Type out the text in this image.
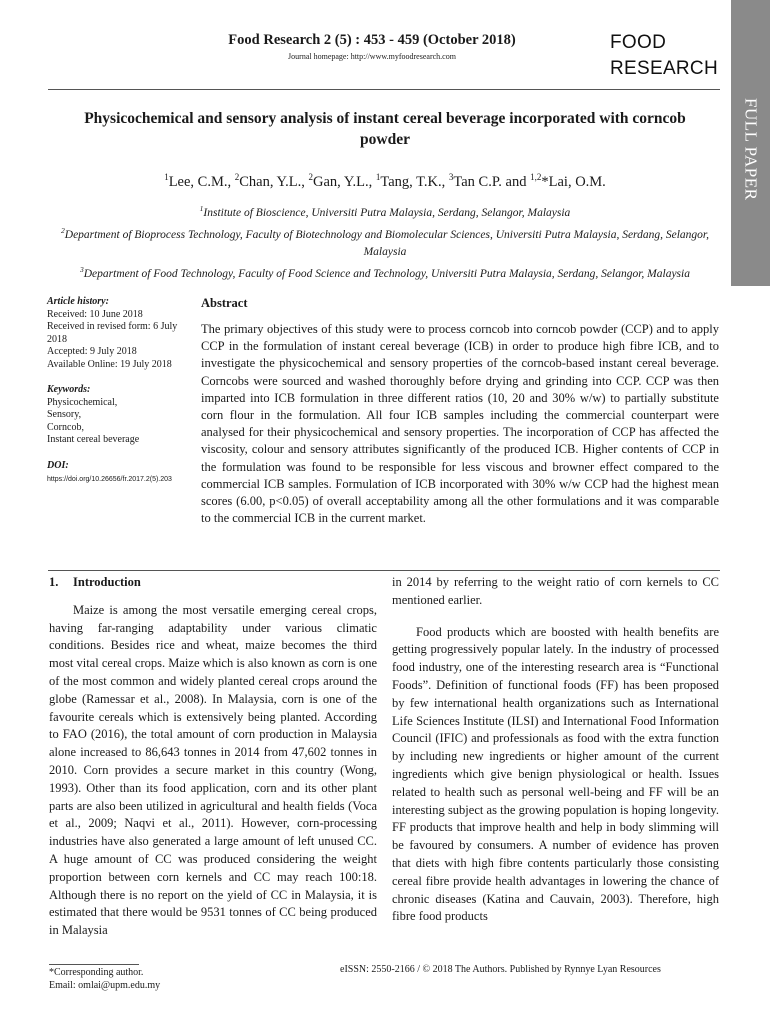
Food Research 2 (5) : 453 - 459 (October 2018)
Journal homepage: http://www.myfoodresearch.com
FOOD
RESEARCH
FULL PAPER
Physicochemical and sensory analysis of instant cereal beverage incorporated with corncob powder
$^1$Lee, C.M., $^2$Chan, Y.L., $^2$Gan, Y.L., $^1$Tang, T.K., $^3$Tan C.P. and $^{1,2}$*Lai, O.M.
$^1$Institute of Bioscience, Universiti Putra Malaysia, Serdang, Selangor, Malaysia
$^2$Department of Bioprocess Technology, Faculty of Biotechnology and Biomolecular Sciences, Universiti Putra Malaysia, Serdang, Selangor, Malaysia
$^3$Department of Food Technology, Faculty of Food Science and Technology, Universiti Putra Malaysia, Serdang, Selangor, Malaysia
Article history:
Received: 10 June 2018
Received in revised form: 6 July 2018
Accepted: 9 July 2018
Available Online: 19 July 2018
Keywords:
Physicochemical,
Sensory,
Corncob,
Instant cereal beverage
DOI:
https://doi.org/10.26656/fr.2017.2(5).203
Abstract
The primary objectives of this study were to process corncob into corncob powder (CCP) and to apply CCP in the formulation of instant cereal beverage (ICB) in order to produce high fibre ICB, and to investigate the physicochemical and sensory properties of the corncob-based instant cereal beverage. Corncobs were sourced and washed thoroughly before drying and grinding into CCP. CCP was then imparted into ICB formulation in three different ratios (10, 20 and 30% w/w) to partially substitute corn flour in the formulation. All four ICB samples including the commercial counterpart were analysed for their physicochemical and sensory properties. The incorporation of CCP has affected the viscosity, colour and sensory attributes significantly of the produced ICB. Higher contents of CCP in the formulation was found to be responsible for less viscous and browner effect compared to the commercial ICB samples. Formulation of ICB incorporated with 30% w/w CCP had the highest mean scores (6.00, p<0.05) of overall acceptability among all the other formulations and it was comparable to the commercial ICB in the current market.
1. Introduction

Maize is among the most versatile emerging cereal crops, having far-ranging adaptability under various climatic conditions. Besides rice and wheat, maize becomes the third most vital cereal crops. Maize which is also known as corn is one of the most common and widely planted cereal crops around the globe (Ramessar et al., 2008). In Malaysia, corn is one of the favourite cereals which is extensively being planted. According to FAO (2016), the total amount of corn production in Malaysia alone increased to 86,643 tonnes in 2014 from 47,602 tonnes in 2010. Corn provides a secure market in this country (Wong, 1993). Other than its food application, corn and its other plant parts are also been utilized in agricultural and health fields (Voca et al., 2009; Naqvi et al., 2011). However, corn-processing industries have also generated a large amount of left unused CC. A huge amount of CC was produced considering the weight proportion between corn kernels and CC may reach 100:18. Although there is no report on the yield of CC in Malaysia, it is estimated that there would be 9531 tonnes of CC being produced in Malaysia

in 2014 by referring to the weight ratio of corn kernels to CC mentioned earlier.

Food products which are boosted with health benefits are getting progressively popular lately. In the industry of processed food industry, one of the interesting research area is “Functional Foods”. Definition of functional foods (FF) has been proposed by few international health organizations such as International Life Sciences Institute (ILSI) and International Food Information Council (IFIC) and professionals as food with the extra function by including new ingredients or higher amount of the current ingredients which give benign physiological or health. Issues related to health such as personal well-being and FF will be an interesting subject as the growing population is hoping longevity. FF products that improve health and help in body slimming will be favoured by consumers. A number of evidence has proven that diets with high fibre contents particularly those consisting cereal fibre provide health advantages in lowering the chance of chronic diseases (Katina and Cauvain, 2003). Therefore, high fibre food products

*Corresponding author.
Email: omlai@upm.edu.my
eISSN: 2550-2166 / © 2018 The Authors. Published by Rynnye Lyan Resources
